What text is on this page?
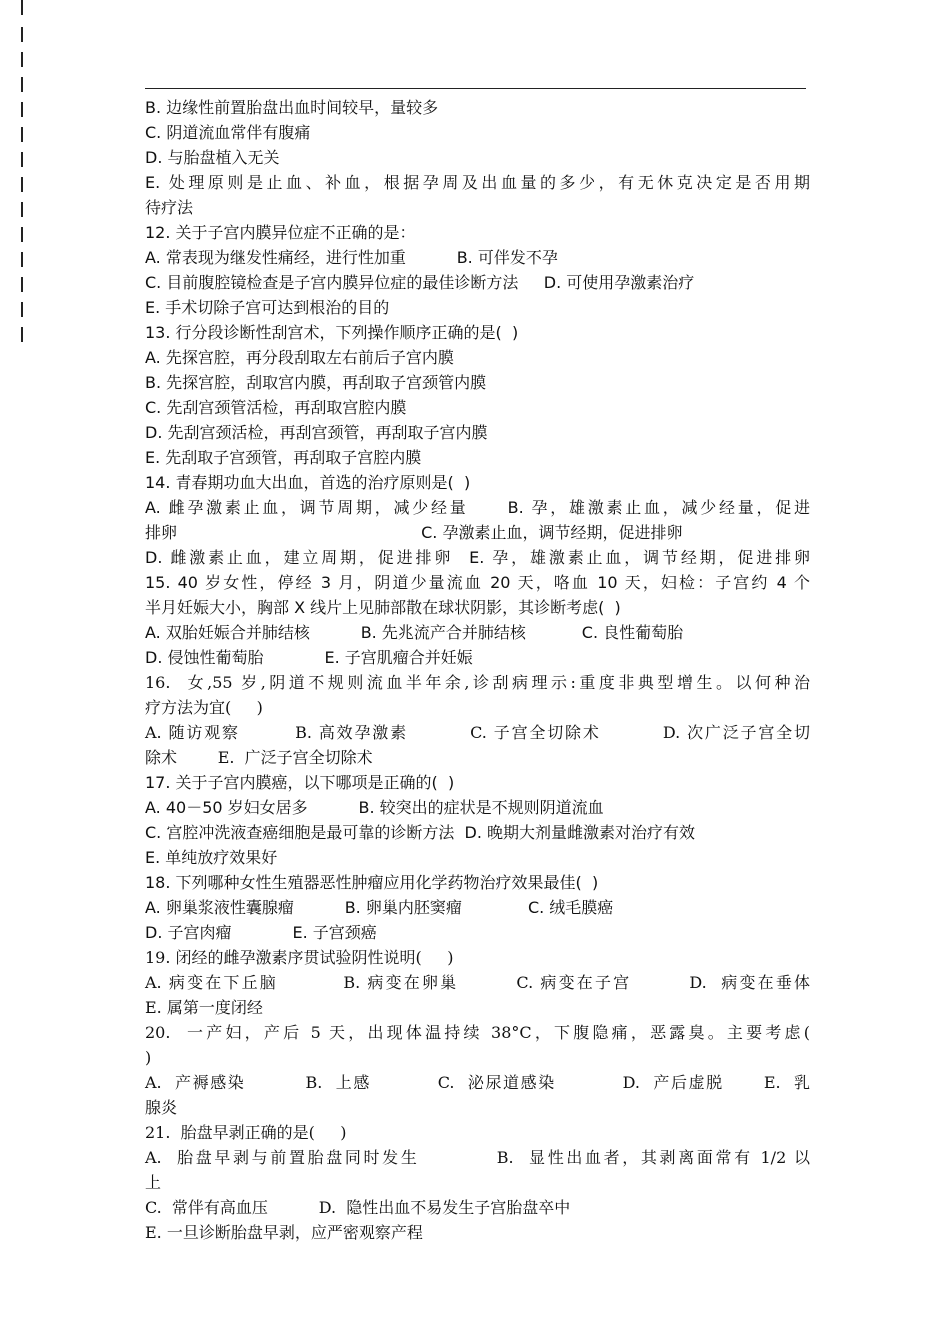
B. 边缘性前置胎盘出血时间较早，量较多
C. 阴道流血常伴有腹痛
D. 与胎盘植入无关
E. 处理原则是止血、补血，根据孕周及出血量的多少，有无休克决定是否用期
待疗法
12. 关于子宫内膜异位症不正确的是：
A. 常表现为继发性痛经，进行性加重          B. 可伴发不孕
C. 目前腹腔镜检查是子宫内膜异位症的最佳诊断方法     D. 可使用孕激素治疗
E. 手术切除子宫可达到根治的目的
13. 行分段诊断性刮宫术，下列操作顺序正确的是(  )
A. 先探宫腔，再分段刮取左右前后子宫内膜
B. 先探宫腔，刮取宫内膜，再刮取子宫颈管内膜
C. 先刮宫颈管活检，再刮取宫腔内膜
D. 先刮宫颈活检，再刮宫颈管，再刮取子宫内膜
E. 先刮取子宫颈管，再刮取子宫腔内膜
14. 青春期功血大出血，首选的治疗原则是(  )
A. 雌孕激素止血，调节周期，减少经量     B. 孕，雄激素止血，减少经量，促进
排卵                                                C. 孕激素止血，调节经期，促进排卵
D. 雌激素止血，建立周期，促进排卵  E. 孕，雄激素止血，调节经期，促进排卵
15. 40 岁女性，停经 3 月，阴道少量流血 20 天，咯血 10 天，妇检：子宫约 4 个
半月妊娠大小，胸部 X 线片上见肺部散在球状阴影，其诊断考虑(  )
A. 双胎妊娠合并肺结核          B. 先兆流产合并肺结核           C. 良性葡萄胎
D. 侵蚀性葡萄胎            E. 子宫肌瘤合并妊娠
16.  女,55 岁,阴道不规则流血半年余,诊刮病理示:重度非典型增生。以何种治
疗方法为宜(     )
A. 随访观察        B. 高效孕激素         C. 子宫全切除术         D. 次广泛子宫全切
除术        E.  广泛子宫全切除术
17. 关于子宫内膜癌，以下哪项是正确的(  )
A. 40－50 岁妇女居多          B. 较突出的症状是不规则阴道流血
C. 宫腔冲洗液查癌细胞是最可靠的诊断方法  D. 晚期大剂量雌激素对治疗有效
E. 单纯放疗效果好
18. 下列哪种女性生殖器恶性肿瘤应用化学药物治疗效果最佳(  )
A. 卵巢浆液性囊腺瘤          B. 卵巢内胚窦瘤             C. 绒毛膜癌
D. 子宫肉瘤            E. 子宫颈癌
19. 闭经的雌孕激素序贯试验阴性说明(     )
A. 病变在下丘脑         B. 病变在卵巢        C. 病变在子宫        D.  病变在垂体
E. 属第一度闭经
20.  一产妇，产后 5 天，出现体温持续 38°C，下腹隐痛，恶露臭。主要考虑(
)
A.  产褥感染         B.  上感          C.  泌尿道感染          D.  产后虚脱      E.  乳
腺炎
21.  胎盘早剥正确的是(     )
A.  胎盘早剥与前置胎盘同时发生          B.  显性出血者，其剥离面常有 1/2 以
上
C.  常伴有高血压          D.  隐性出血不易发生子宫胎盘卒中
E. 一旦诊断胎盘早剥，应严密观察产程
